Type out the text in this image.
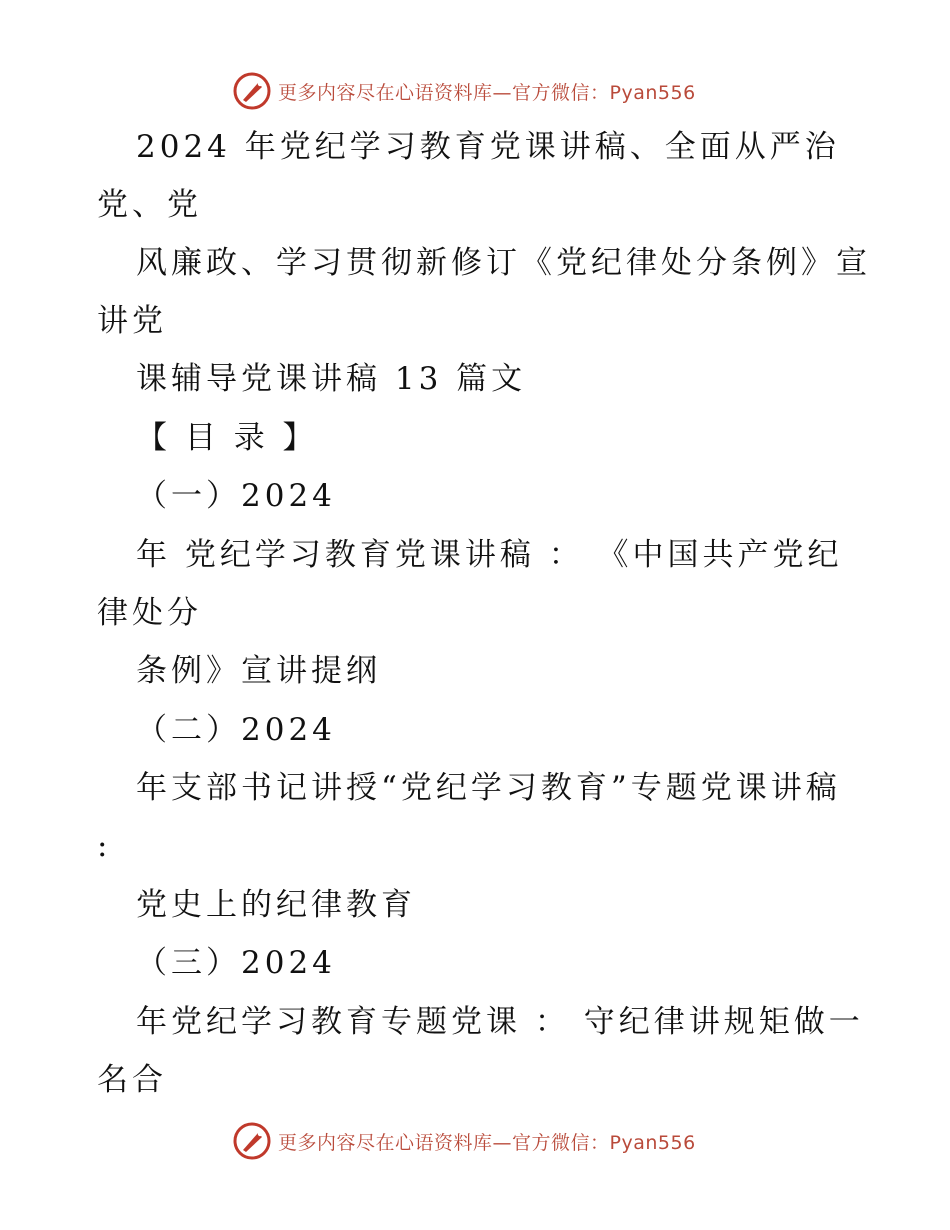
更多内容尽在心语资料库—官方微信：Pyan556

2024 年党纪学习教育党课讲稿、全面从严治

党、党

风廉政、学习贯彻新修订《党纪律处分条例》宣

讲党

课辅导党课讲稿 13 篇文

【 目 录 】

（一）2024

年 党纪学习教育党课讲稿 ： 《中国共产党纪

律处分

条例》宣讲提纲

（二）2024

年支部书记讲授“党纪学习教育”专题党课讲稿

:

党史上的纪律教育

（三）2024

年党纪学习教育专题党课 ： 守纪律讲规矩做一

名合

更多内容尽在心语资料库—官方微信：Pyan556
